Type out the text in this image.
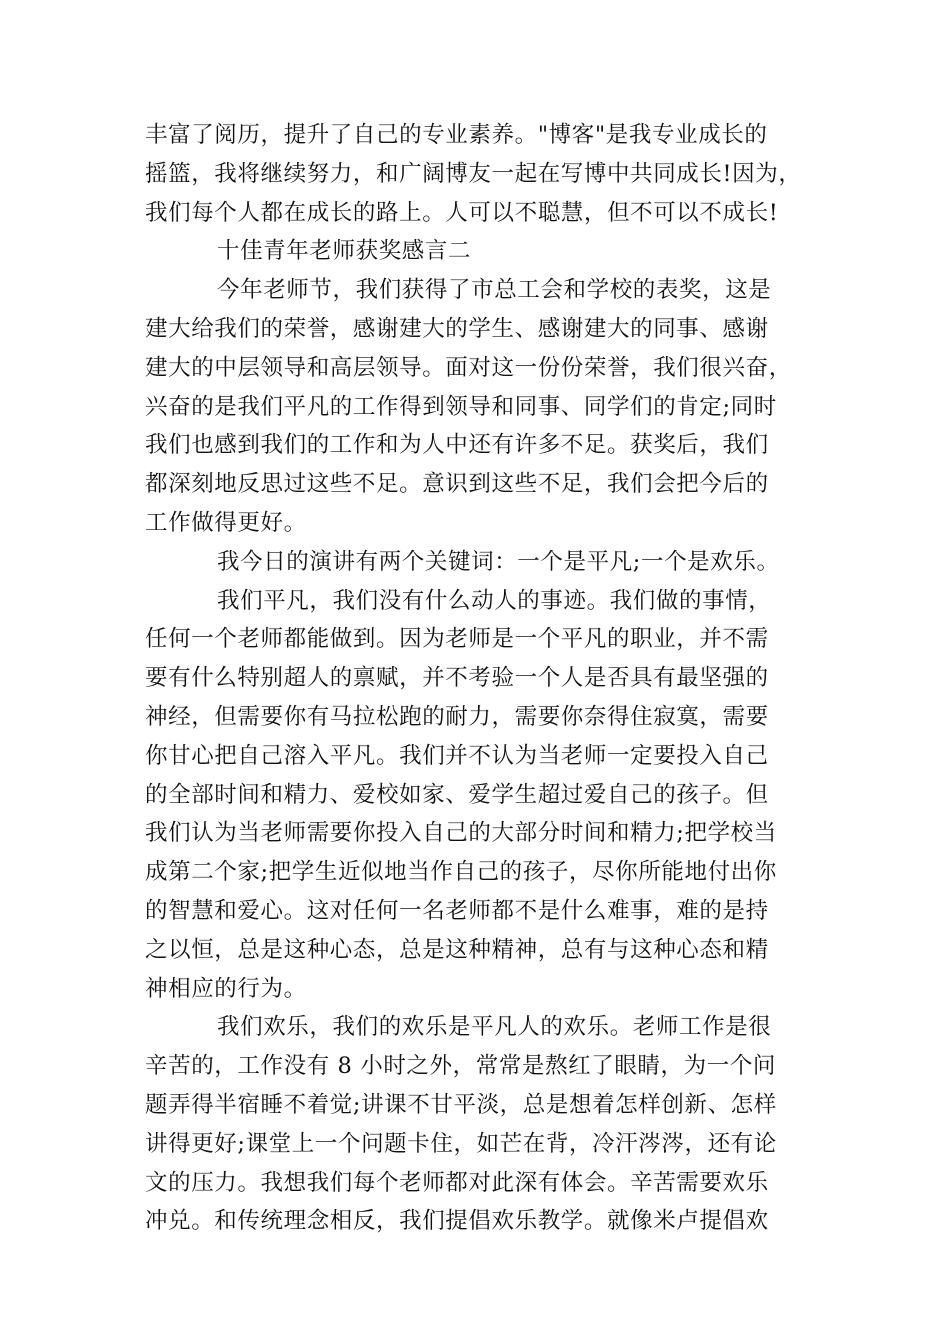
丰富了阅历，提升了自己的专业素养。"博客"是我专业成长的
摇篮，我将继续努力，和广阔博友一起在写博中共同成长!因为，
我们每个人都在成长的路上。人可以不聪慧，但不可以不成长!
十佳青年老师获奖感言二
今年老师节，我们获得了市总工会和学校的表奖，这是
建大给我们的荣誉，感谢建大的学生、感谢建大的同事、感谢
建大的中层领导和高层领导。面对这一份份荣誉，我们很兴奋，
兴奋的是我们平凡的工作得到领导和同事、同学们的肯定;同时
我们也感到我们的工作和为人中还有许多不足。获奖后，我们
都深刻地反思过这些不足。意识到这些不足，我们会把今后的
工作做得更好。
我今日的演讲有两个关键词：一个是平凡;一个是欢乐。
我们平凡，我们没有什么动人的事迹。我们做的事情，
任何一个老师都能做到。因为老师是一个平凡的职业，并不需
要有什么特别超人的禀赋，并不考验一个人是否具有最坚强的
神经，但需要你有马拉松跑的耐力，需要你奈得住寂寞，需要
你甘心把自己溶入平凡。我们并不认为当老师一定要投入自己
的全部时间和精力、爱校如家、爱学生超过爱自己的孩子。但
我们认为当老师需要你投入自己的大部分时间和精力;把学校当
成第二个家;把学生近似地当作自己的孩子，尽你所能地付出你
的智慧和爱心。这对任何一名老师都不是什么难事，难的是持
之以恒，总是这种心态，总是这种精神，总有与这种心态和精
神相应的行为。
我们欢乐，我们的欢乐是平凡人的欢乐。老师工作是很
辛苦的，工作没有 8 小时之外，常常是熬红了眼睛，为一个问
题弄得半宿睡不着觉;讲课不甘平淡，总是想着怎样创新、怎样
讲得更好;课堂上一个问题卡住，如芒在背，冷汗涔涔，还有论
文的压力。我想我们每个老师都对此深有体会。辛苦需要欢乐
冲兑。和传统理念相反，我们提倡欢乐教学。就像米卢提倡欢
